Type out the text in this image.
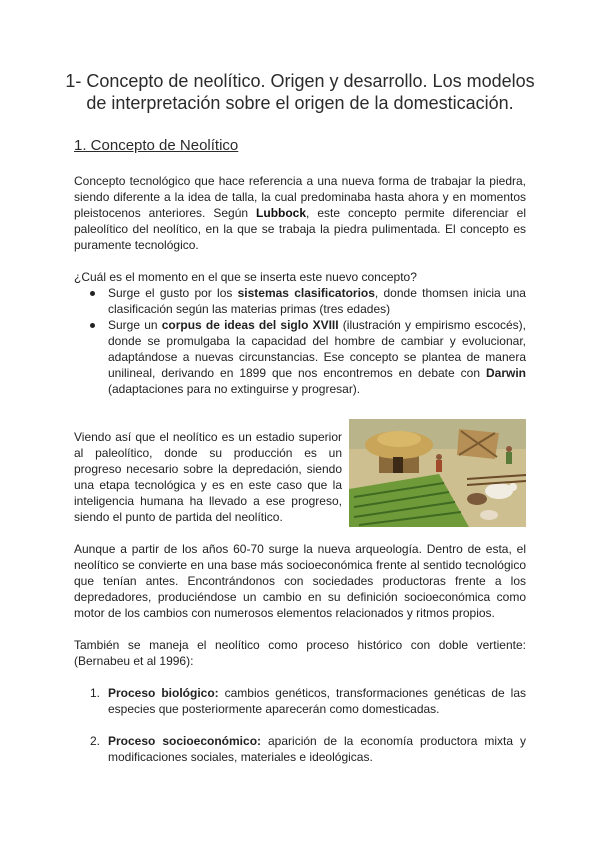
1- Concepto de neolítico. Origen y desarrollo. Los modelos de interpretación sobre el origen de la domesticación.
1. Concepto de Neolítico
Concepto tecnológico que hace referencia a una nueva forma de trabajar la piedra, siendo diferente a la idea de talla, la cual predominaba hasta ahora y en momentos pleistocenos anteriores. Según Lubbock, este concepto permite diferenciar el paleolítico del neolítico, en la que se trabaja la piedra pulimentada. El concepto es puramente tecnológico.
¿Cuál es el momento en el que se inserta este nuevo concepto?
Surge el gusto por los sistemas clasificatorios, donde thomsen inicia una clasificación según las materias primas (tres edades)
Surge un corpus de ideas del siglo XVIII (ilustración y empirismo escocés), donde se promulgaba la capacidad del hombre de cambiar y evolucionar, adaptándose a nuevas circunstancias. Ese concepto se plantea de manera unilineal, derivando en 1899 que nos encontremos en debate con Darwin (adaptaciones para no extinguirse y progresar).
Viendo así que el neolítico es un estadio superior al paleolítico, donde su producción es un progreso necesario sobre la depredación, siendo una etapa tecnológica y es en este caso que la inteligencia humana ha llevado a ese progreso, siendo el punto de partida del neolítico.
Aunque a partir de los años 60-70 surge la nueva arqueología. Dentro de esta, el neolítico se convierte en una base más socioeconómica frente al sentido tecnológico que tenían antes. Encontrándonos con sociedades productoras frente a los depredadores, produciéndose un cambio en su definición socioeconómica como motor de los cambios con numerosos elementos relacionados y ritmos propios.
También se maneja el neolítico como proceso histórico con doble vertiente: (Bernabeu et al 1996):
1. Proceso biológico: cambios genéticos, transformaciones genéticas de las especies que posteriormente aparecerán como domesticadas.
2. Proceso socioeconómico: aparición de la economía productora mixta y modificaciones sociales, materiales e ideológicas.
